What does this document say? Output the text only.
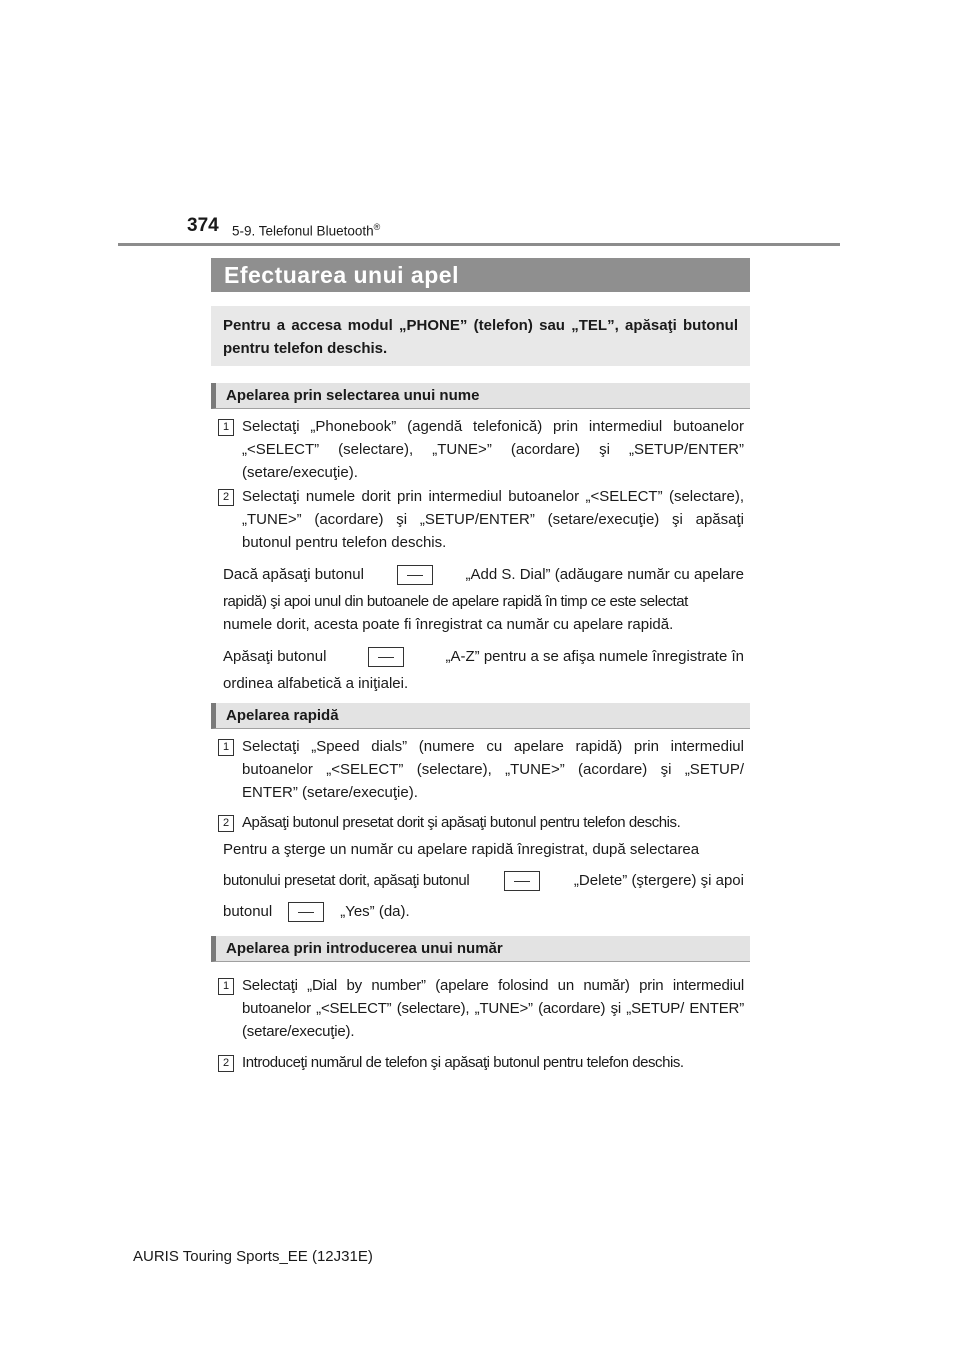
374 5-9. Telefonul Bluetooth®
Efectuarea unui apel
Pentru a accesa modul „PHONE” (telefon) sau „TEL”, apăsaţi butonul pentru telefon deschis.
Apelarea prin selectarea unui nume
1 Selectaţi „Phonebook” (agendă telefonică) prin intermediul butoanelor „<SELECT” (selectare), „TUNE>” (acordare) şi „SETUP/ENTER” (setare/execuţie).
2 Selectaţi numele dorit prin intermediul butoanelor „<SELECT” (selectare), „TUNE>” (acordare) şi „SETUP/ENTER” (setare/execuţie) şi apăsaţi butonul pentru telefon deschis.
Dacă apăsaţi butonul	„Add S. Dial” (adăugare număr cu apelare
rapidă) şi apoi unul din butoanele de apelare rapidă în timp ce este selectat
numele dorit, acesta poate fi înregistrat ca număr cu apelare rapidă.
Apăsaţi butonul	„A-Z” pentru a se afişa numele înregistrate în
ordinea alfabetică a iniţialei.
Apelarea rapidă
1 Selectaţi „Speed dials” (numere cu apelare rapidă) prin intermediul butoanelor „<SELECT” (selectare), „TUNE>” (acordare) şi „SETUP/ ENTER” (setare/execuţie).
2 Apăsaţi butonul presetat dorit şi apăsaţi butonul pentru telefon deschis.
Pentru a şterge un număr cu apelare rapidă înregistrat, după selectarea
butonului presetat dorit, apăsaţi butonul	„Delete” (ştergere) şi apoi
butonul	„Yes” (da).
Apelarea prin introducerea unui număr
1 Selectaţi „Dial by number” (apelare folosind un număr) prin intermediul butoanelor „<SELECT” (selectare), „TUNE>” (acordare) şi „SETUP/ ENTER” (setare/execuţie).
2 Introduceţi numărul de telefon şi apăsaţi butonul pentru telefon deschis.
AURIS Touring Sports_EE (12J31E)
